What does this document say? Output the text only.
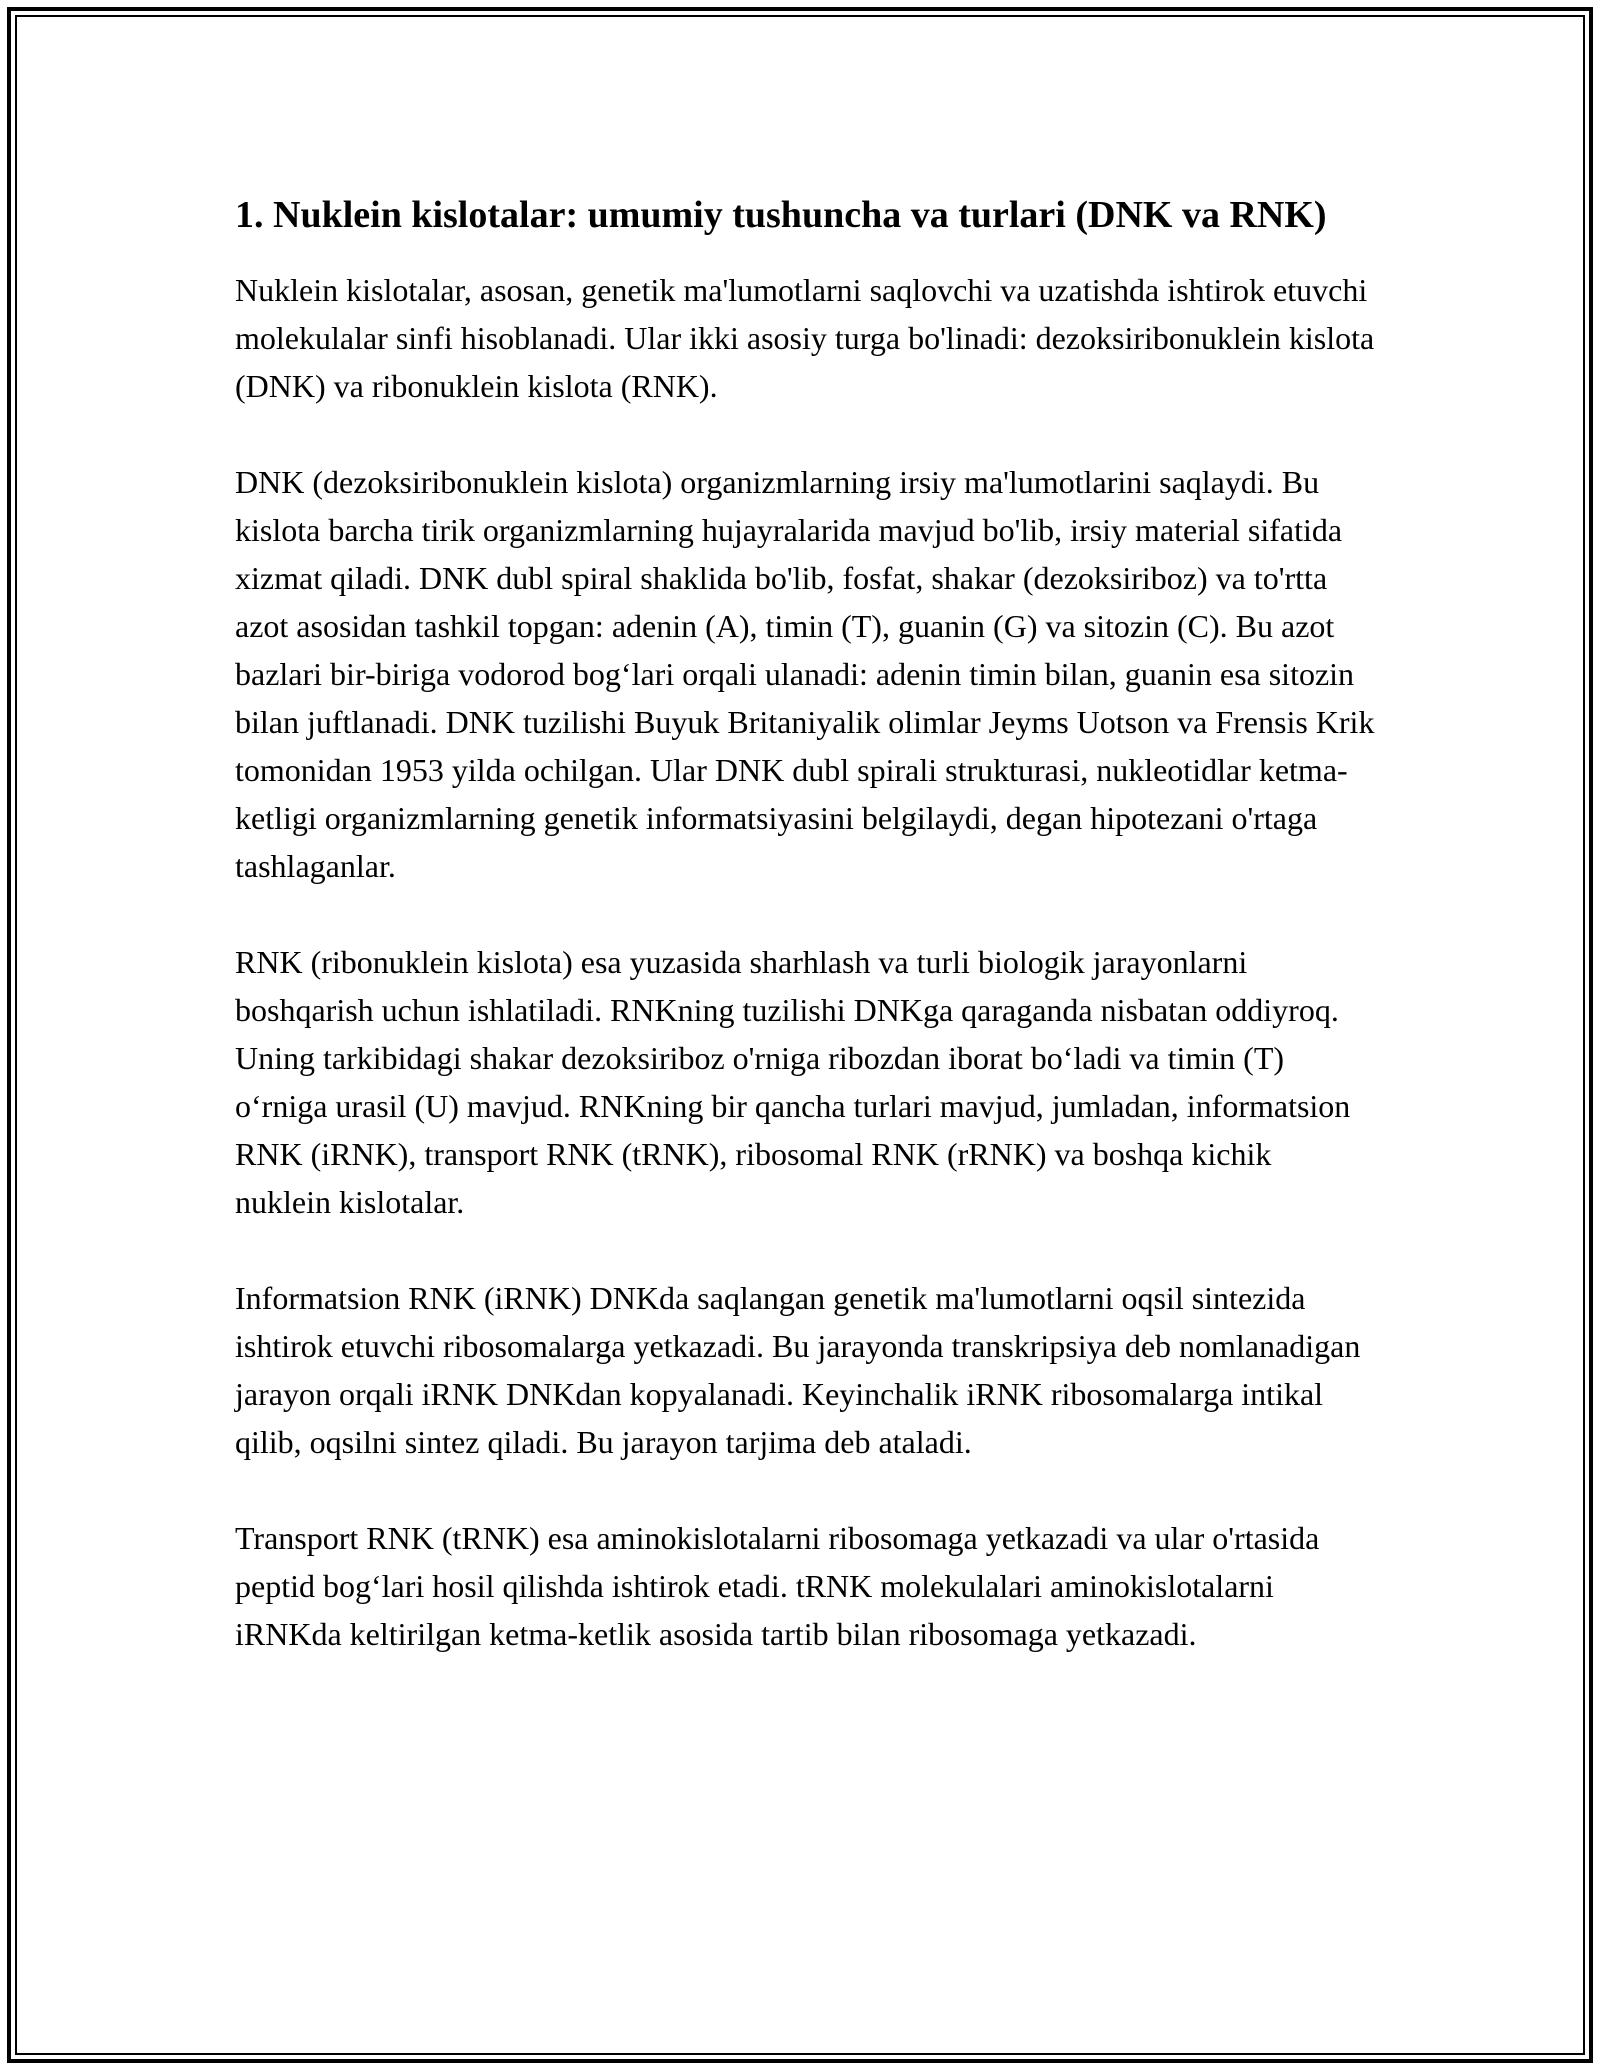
1. Nuklein kislotalar: umumiy tushuncha va turlari (DNK va RNK)

Nuklein kislotalar, asosan, genetik ma'lumotlarni saqlovchi va uzatishda ishtirok etuvchi molekulalar sinfi hisoblanadi. Ular ikki asosiy turga bo'linadi: dezoksiribonuklein kislota (DNK) va ribonuklein kislota (RNK).

DNK (dezoksiribonuklein kislota) organizmlarning irsiy ma'lumotlarini saqlaydi. Bu kislota barcha tirik organizmlarning hujayralarida mavjud bo'lib, irsiy material sifatida xizmat qiladi. DNK dubl spiral shaklida bo'lib, fosfat, shakar (dezoksiriboz) va to'rtta azot asosidan tashkil topgan: adenin (A), timin (T), guanin (G) va sitozin (C). Bu azot bazlari bir-biriga vodorod bog‘lari orqali ulanadi: adenin timin bilan, guanin esa sitozin bilan juftlanadi. DNK tuzilishi Buyuk Britaniyalik olimlar Jeyms Uotson va Frensis Krik tomonidan 1953 yilda ochilgan. Ular DNK dubl spirali strukturasi, nukleotidlar ketma-ketligi organizmlarning genetik informatsiyasini belgilaydi, degan hipotezani o'rtaga tashlaganlar.

RNK (ribonuklein kislota) esa yuzasida sharhlash va turli biologik jarayonlarni boshqarish uchun ishlatiladi. RNKning tuzilishi DNKga qaraganda nisbatan oddiyroq. Uning tarkibidagi shakar dezoksiriboz o'rniga ribozdan iborat bo‘ladi va timin (T) o‘rniga urasil (U) mavjud. RNKning bir qancha turlari mavjud, jumladan, informatsion RNK (iRNK), transport RNK (tRNK), ribosomal RNK (rRNK) va boshqa kichik nuklein kislotalar.

Informatsion RNK (iRNK) DNKda saqlangan genetik ma'lumotlarni oqsil sintezida ishtirok etuvchi ribosomalarga yetkazadi. Bu jarayonda transkripsiya deb nomlanadigan jarayon orqali iRNK DNKdan kopyalanadi. Keyinchalik iRNK ribosomalarga intikal qilib, oqsilni sintez qiladi. Bu jarayon tarjima deb ataladi.

Transport RNK (tRNK) esa aminokislotalarni ribosomaga yetkazadi va ular o'rtasida peptid bog‘lari hosil qilishda ishtirok etadi. tRNK molekulalari aminokislotalarni iRNKda keltirilgan ketma-ketlik asosida tartib bilan ribosomaga yetkazadi.
